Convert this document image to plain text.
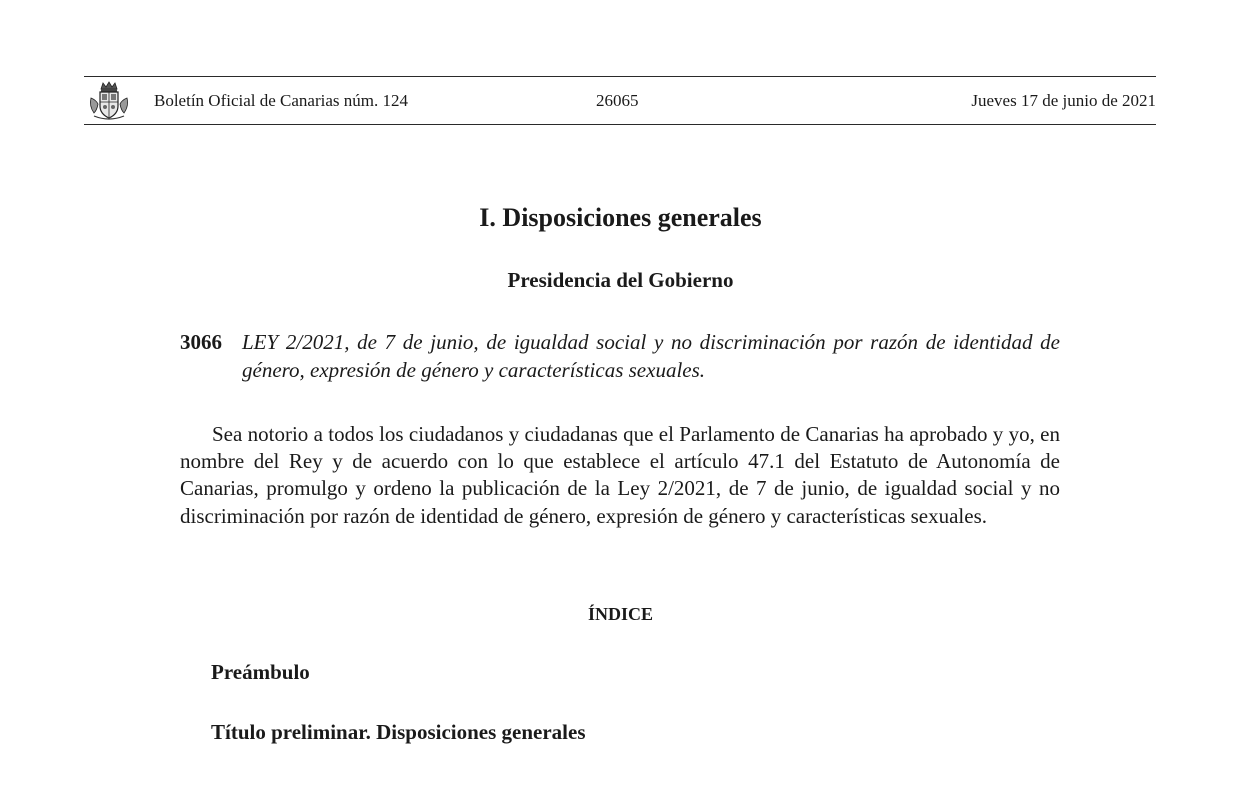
Boletín Oficial de Canarias núm. 124	26065	Jueves 17 de junio de 2021
I. Disposiciones generales
Presidencia del Gobierno
3066 LEY 2/2021, de 7 de junio, de igualdad social y no discriminación por razón de identidad de género, expresión de género y características sexuales.

Sea notorio a todos los ciudadanos y ciudadanas que el Parlamento de Canarias ha aprobado y yo, en nombre del Rey y de acuerdo con lo que establece el artículo 47.1 del Estatuto de Autonomía de Canarias, promulgo y ordeno la publicación de la Ley 2/2021, de 7 de junio, de igualdad social y no discriminación por razón de identidad de género, expresión de género y características sexuales.

ÍNDICE
Preámbulo
Título preliminar. Disposiciones generales
